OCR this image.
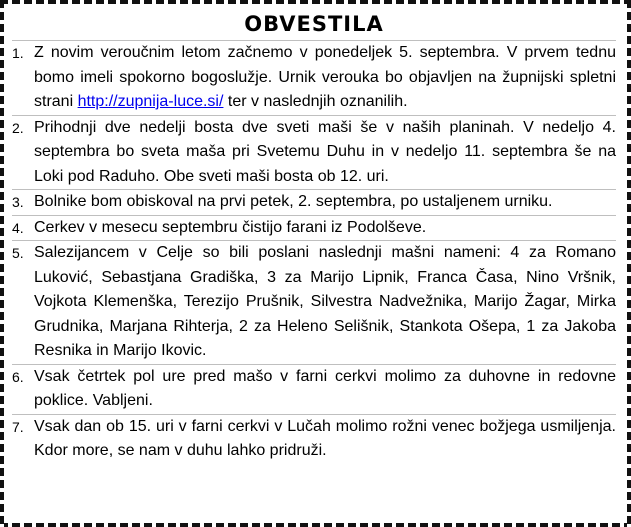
OBVESTILA
1. Z novim veroučnim letom začnemo v ponedeljek 5. septembra. V prvem tednu bomo imeli spokorno bogoslužje. Urnik verouka bo objavljen na župnijski spletni strani http://zupnija-luce.si/ ter v naslednjih oznanilih.
2. Prihodnji dve nedelji bosta dve sveti maši še v naših planinah. V nedeljo 4. septembra bo sveta maša pri Svetemu Duhu in v nedeljo 11. septembra še na Loki pod Raduho. Obe sveti maši bosta ob 12. uri.
3. Bolnike bom obiskoval na prvi petek, 2. septembra, po ustaljenem urniku.
4. Cerkev v mesecu septembru čistijo farani iz Podolševe.
5. Salezijancem v Celje so bili poslani naslednji mašni nameni: 4 za Romano Luković, Sebastjana Gradiška, 3 za Marijo Lipnik, Franca Časa, Nino Vršnik, Vojkota Klemenška, Terezijo Prušnik, Silvestra Nadvežnika, Marijo Žagar, Mirka Grudnika, Marjana Rihterja, 2 za Heleno Selišnik, Stankota Ošepa, 1 za Jakoba Resnika in Marijo Ikovic.
6. Vsak četrtek pol ure pred mašo v farni cerkvi molimo za duhovne in redovne poklice. Vabljeni.
7. Vsak dan ob 15. uri v farni cerkvi v Lučah molimo rožni venec božjega usmiljenja. Kdor more, se nam v duhu lahko pridruži.
